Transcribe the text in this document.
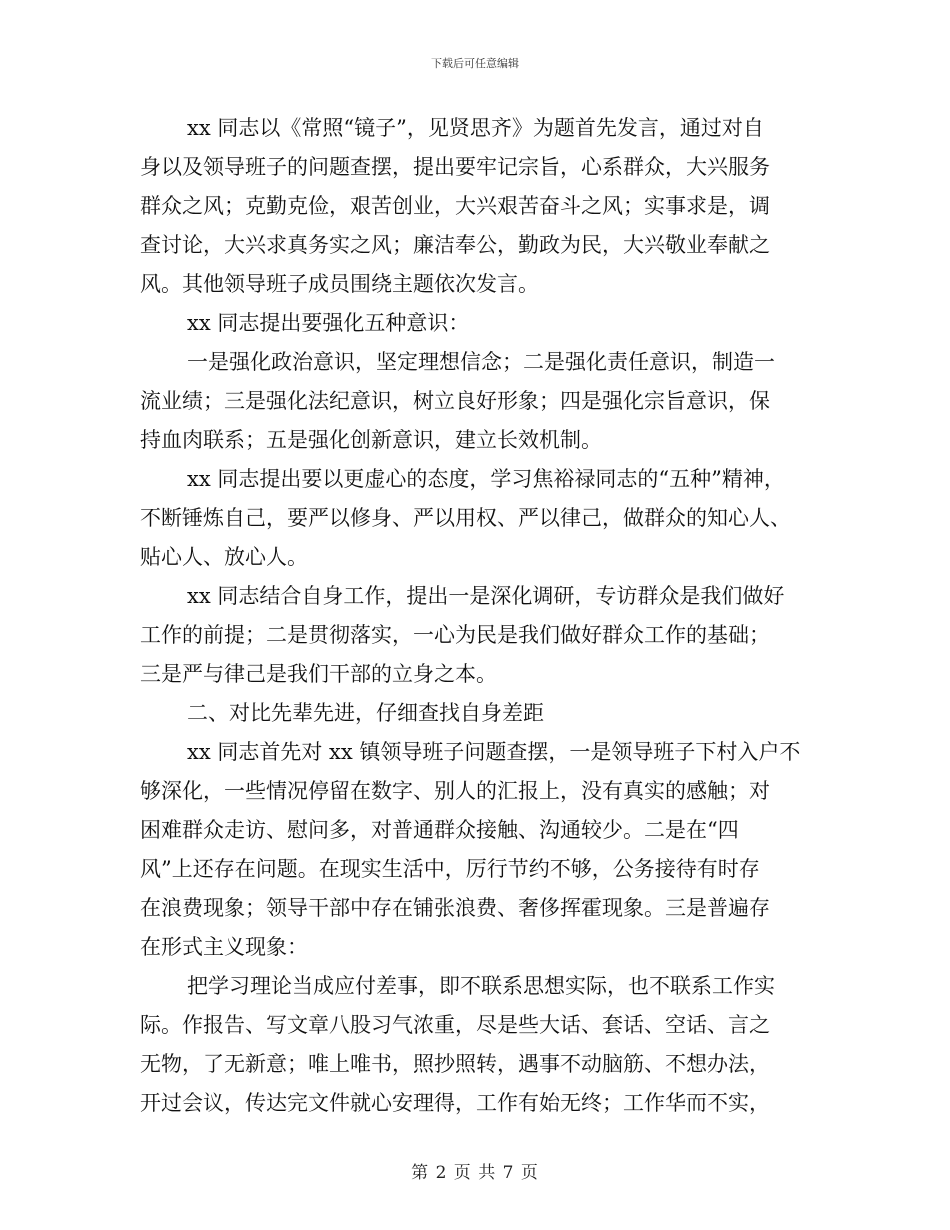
下载后可任意编辑
xx 同志以《常照“镜子”，见贤思齐》为题首先发言，通过对自
身以及领导班子的问题查摆，提出要牢记宗旨，心系群众，大兴服务
群众之风；克勤克俭，艰苦创业，大兴艰苦奋斗之风；实事求是，调
查讨论，大兴求真务实之风；廉洁奉公，勤政为民，大兴敬业奉献之
风。其他领导班子成员围绕主题依次发言。
xx 同志提出要强化五种意识：
一是强化政治意识，坚定理想信念；二是强化责任意识，制造一
流业绩；三是强化法纪意识，树立良好形象；四是强化宗旨意识，保
持血肉联系；五是强化创新意识，建立长效机制。
xx 同志提出要以更虚心的态度，学习焦裕禄同志的“五种”精神，
不断锤炼自己，要严以修身、严以用权、严以律己，做群众的知心人、
贴心人、放心人。
xx 同志结合自身工作，提出一是深化调研，专访群众是我们做好
工作的前提；二是贯彻落实，一心为民是我们做好群众工作的基础；
三是严与律己是我们干部的立身之本。
二、对比先辈先进，仔细查找自身差距
xx 同志首先对 xx 镇领导班子问题查摆，一是领导班子下村入户不
够深化，一些情况停留在数字、别人的汇报上，没有真实的感触；对
困难群众走访、慰问多，对普通群众接触、沟通较少。二是在“四
风”上还存在问题。在现实生活中，厉行节约不够，公务接待有时存
在浪费现象；领导干部中存在铺张浪费、奢侈挥霍现象。三是普遍存
在形式主义现象：
把学习理论当成应付差事，即不联系思想实际，也不联系工作实
际。作报告、写文章八股习气浓重，尽是些大话、套话、空话、言之
无物，了无新意；唯上唯书，照抄照转，遇事不动脑筋、不想办法，
开过会议，传达完文件就心安理得，工作有始无终；工作华而不实，
第 2 页 共 7 页
